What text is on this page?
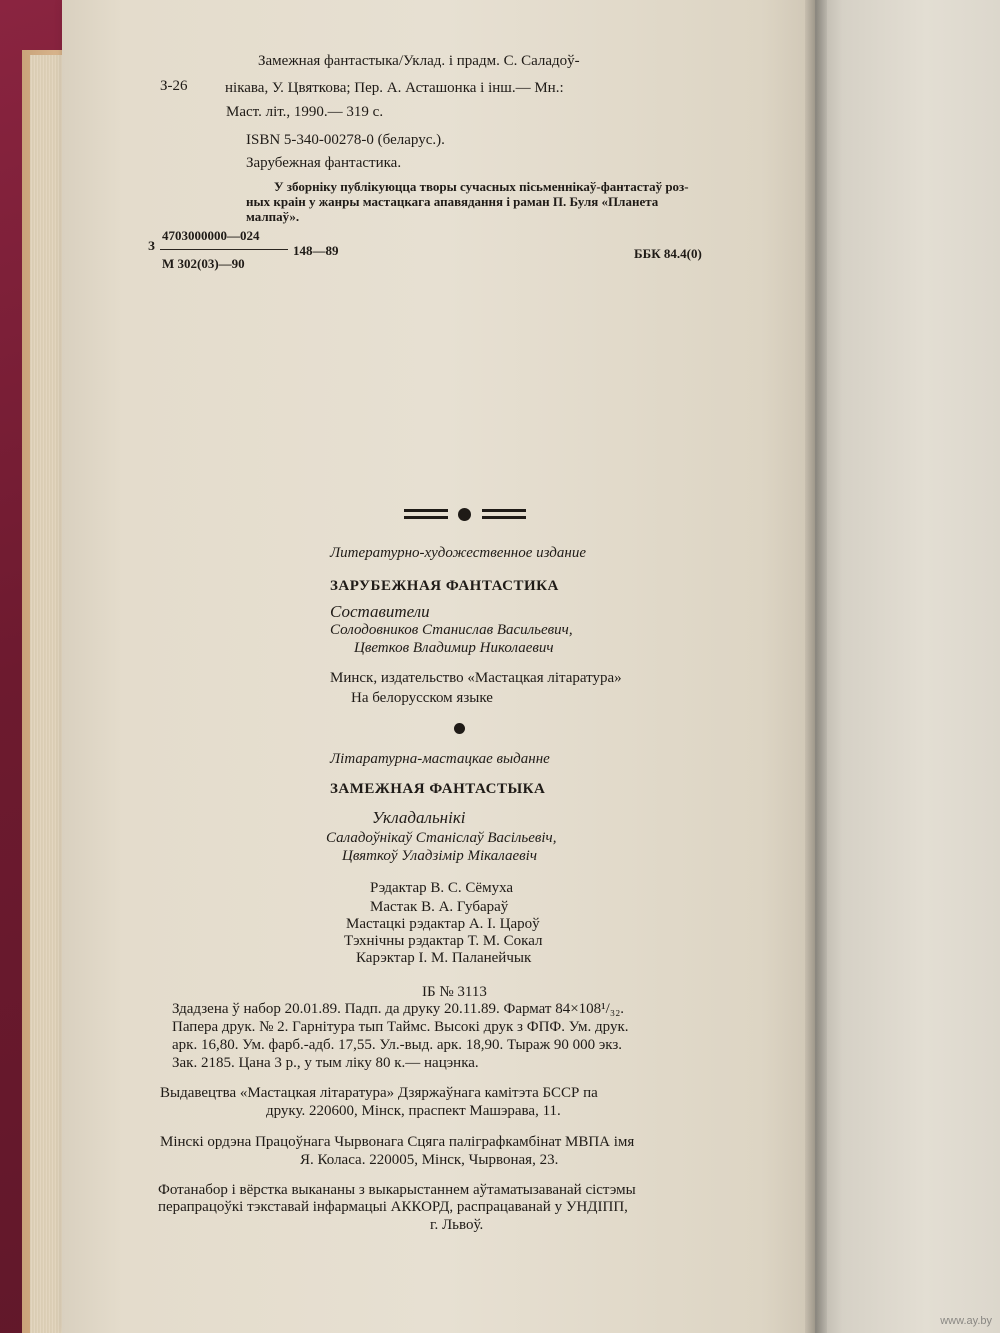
Замежная фантастыка/Уклад. і прадм. С. Саладоў-
З-26 нікава, У. Цвяткова; Пер. А. Асташонка і інш.— Мн.:
Маст. літ., 1990.— 319 с.
ISBN 5-340-00278-0 (беларус.).
Зарубежная фантастика.
У зборніку публікуюцца творы сучасных пісьменнікаў-фантастаў роз-
ных краін у жанры мастацкага апавядання і раман П. Буля «Планета
малпаў».
З
4703000000—024
М 302(03)—90
148—89	ББК 84.4(0)
Литературно-художественное издание
ЗАРУБЕЖНАЯ ФАНТАСТИКА
Составители
Солодовников Станислав Васильевич,
Цветков Владимир Николаевич
Минск, издательство «Мастацкая літаратура»
На белорусском языке
Літаратурна-мастацкае выданне
ЗАМЕЖНАЯ ФАНТАСТЫКА
Укладальнікі
Саладоўнікаў Станіслаў Васільевіч,
Цвяткоў Уладзімір Мікалаевіч
Рэдактар В. С. Сёмуха
Мастак В. А. Губараў
Мастацкі рэдактар А. І. Цароў
Тэхнічны рэдактар Т. М. Сокал
Карэктар І. М. Паланейчык
ІБ № 3113
Здадзена ў набор 20.01.89. Падп. да друку 20.11.89. Фармат 84×108¹/₃₂.
Папера друк. № 2. Гарнітура тып Таймс. Высокі друк з ФПФ. Ум. друк.
арк. 16,80. Ум. фарб.-адб. 17,55. Ул.-выд. арк. 18,90. Тыраж 90 000 экз.
Зак. 2185. Цана 3 р., у тым ліку 80 к.— нацэнка.
Выдавецтва «Мастацкая літаратура» Дзяржаўнага камітэта БССР па
друку. 220600, Мінск, праспект Машэрава, 11.
Мінскі ордэна Працоўнага Чырвонага Сцяга паліграфкамбінат МВПА імя
Я. Коласа. 220005, Мінск, Чырвоная, 23.
Фотанабор і вёрстка выкананы з выкарыстаннем аўтаматызаванай сістэмы
перапрацоўкі тэкставай інфармацыі АККОРД, распрацаванай у УНДІПП,
г. Львоў.
www.ay.by
